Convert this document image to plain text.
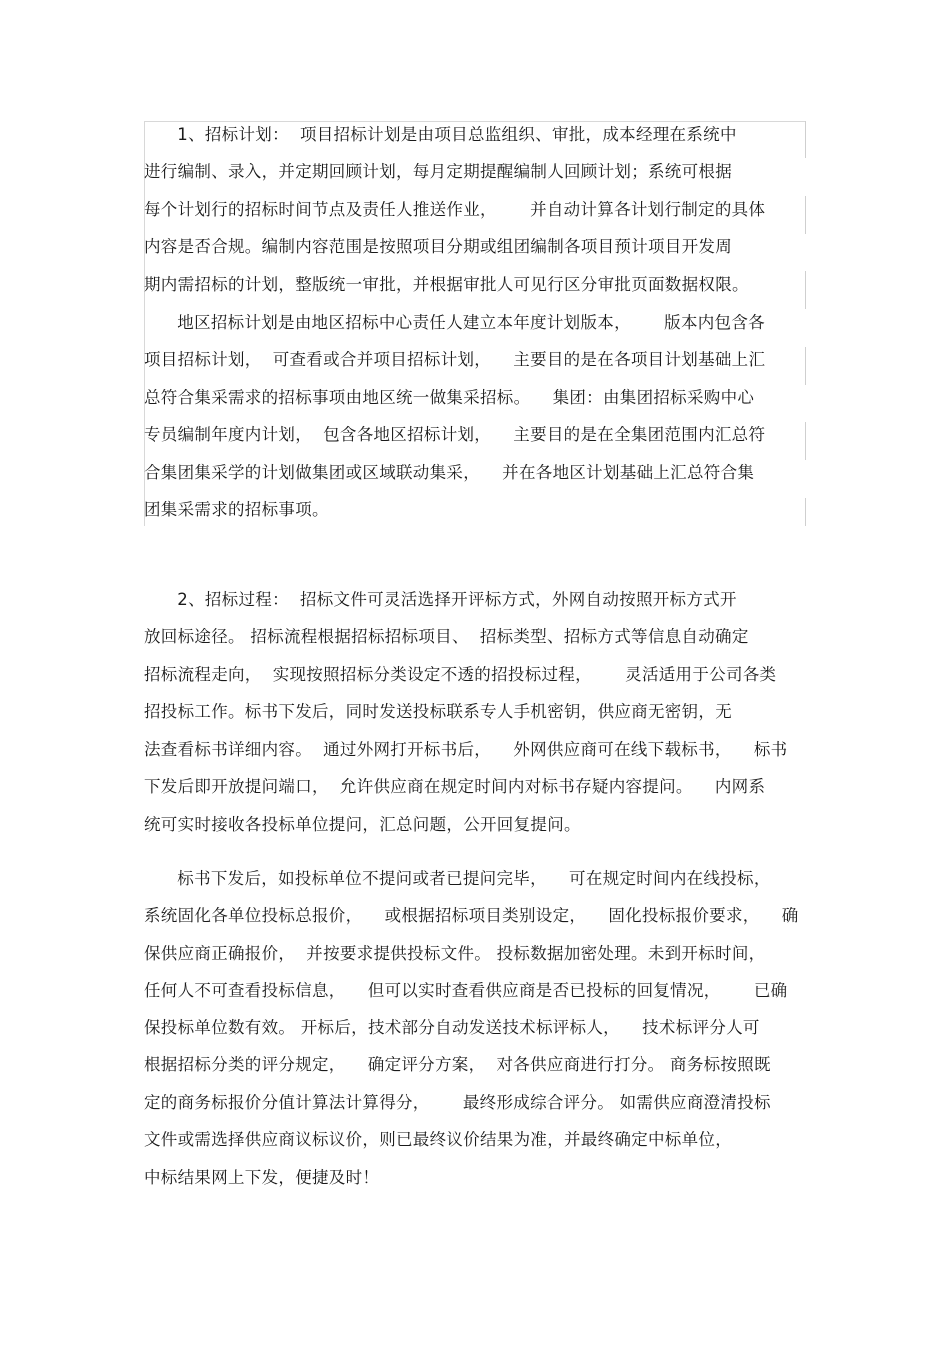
1、招标计划：  项目招标计划是由项目总监组织、审批，成本经理在系统中
进行编制、录入，并定期回顾计划，每月定期提醒编制人回顾计划；系统可根据
每个计划行的招标时间节点及责任人推送作业，      并自动计算各计划行制定的具体
内容是否合规。编制内容范围是按照项目分期或组团编制各项目预计项目开发周
期内需招标的计划，整版统一审批，并根据审批人可见行区分审批页面数据权限。
地区招标计划是由地区招标中心责任人建立本年度计划版本，      版本内包含各
项目招标计划，  可查看或合并项目招标计划，    主要目的是在各项目计划基础上汇
总符合集采需求的招标事项由地区统一做集采招标。    集团：由集团招标采购中心
专员编制年度内计划，  包含各地区招标计划，    主要目的是在全集团范围内汇总符
合集团集采学的计划做集团或区域联动集采，    并在各地区计划基础上汇总符合集
团集采需求的招标事项。
2、招标过程：  招标文件可灵活选择开评标方式，外网自动按照开标方式开
放回标途径。 招标流程根据招标招标项目、  招标类型、招标方式等信息自动确定
招标流程走向，  实现按照招标分类设定不透的招投标过程，      灵活适用于公司各类
招投标工作。标书下发后，同时发送投标联系专人手机密钥，供应商无密钥，无
法查看标书详细内容。  通过外网打开标书后，    外网供应商可在线下载标书，    标书
下发后即开放提问端口，  允许供应商在规定时间内对标书存疑内容提问。    内网系
统可实时接收各投标单位提问，汇总问题，公开回复提问。
标书下发后，如投标单位不提问或者已提问完毕，    可在规定时间内在线投标，
系统固化各单位投标总报价，    或根据招标项目类别设定，    固化投标报价要求，    确
保供应商正确报价，  并按要求提供投标文件。 投标数据加密处理。未到开标时间，
任何人不可查看投标信息，    但可以实时查看供应商是否已投标的回复情况，      已确
保投标单位数有效。 开标后，技术部分自动发送技术标评标人，    技术标评分人可
根据招标分类的评分规定，    确定评分方案，  对各供应商进行打分。 商务标按照既
定的商务标报价分值计算法计算得分，      最终形成综合评分。 如需供应商澄清投标
文件或需选择供应商议标议价，则已最终议价结果为准，并最终确定中标单位，
中标结果网上下发，便捷及时！
